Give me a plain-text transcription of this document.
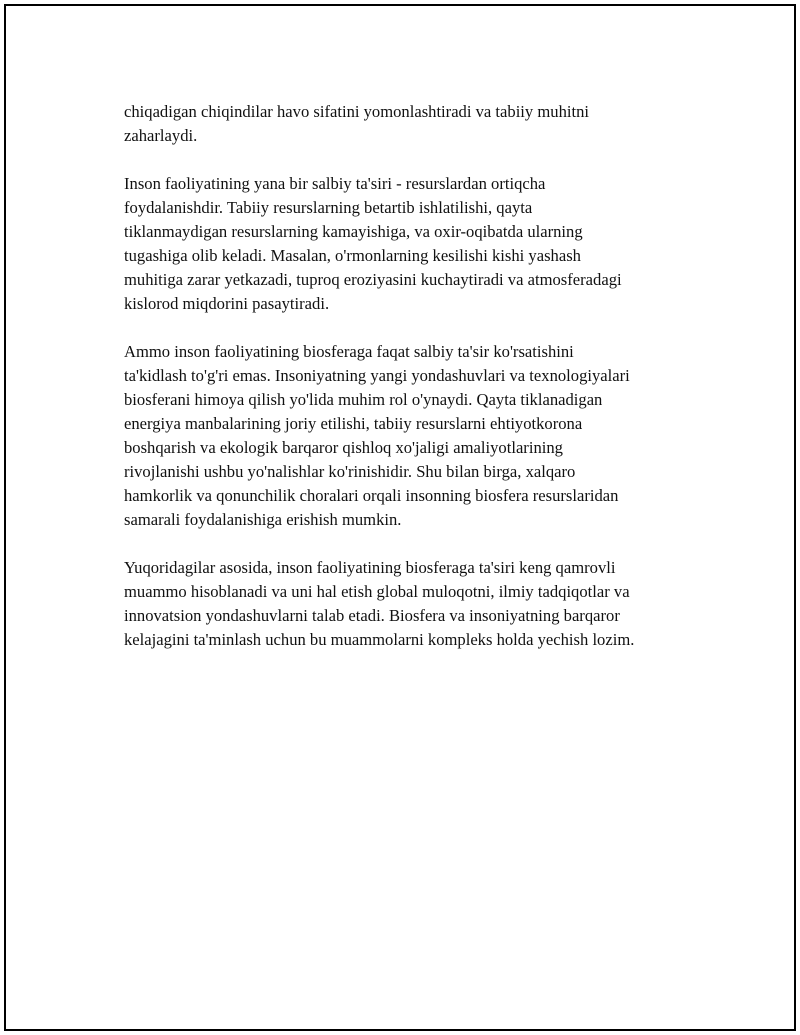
chiqadigan chiqindilar havo sifatini yomonlashtiradi va tabiiy muhitni
zaharlaydi.

Inson faoliyatining yana bir salbiy ta'siri - resurslardan ortiqcha
foydalanishdir. Tabiiy resurslarning betartib ishlatilishi, qayta
tiklanmaydigan resurslarning kamayishiga, va oxir-oqibatda ularning
tugashiga olib keladi. Masalan, o'rmonlarning kesilishi kishi yashash
muhitiga zarar yetkazadi, tuproq eroziyasini kuchaytiradi va atmosferadagi
kislorod miqdorini pasaytiradi.

Ammo inson faoliyatining biosferaga faqat salbiy ta'sir ko'rsatishini
ta'kidlash to'g'ri emas. Insoniyatning yangi yondashuvlari va texnologiyalari
biosferani himoya qilish yo'lida muhim rol o'ynaydi. Qayta tiklanadigan
energiya manbalarining joriy etilishi, tabiiy resurslarni ehtiyotkorona
boshqarish va ekologik barqaror qishloq xo'jaligi amaliyotlarining
rivojlanishi ushbu yo'nalishlar ko'rinishidir. Shu bilan birga, xalqaro
hamkorlik va qonunchilik choralari orqali insonning biosfera resurslaridan
samarali foydalanishiga erishish mumkin.

Yuqoridagilar asosida, inson faoliyatining biosferaga ta'siri keng qamrovli
muammo hisoblanadi va uni hal etish global muloqotni, ilmiy tadqiqotlar va
innovatsion yondashuvlarni talab etadi. Biosfera va insoniyatning barqaror
kelajagini ta'minlash uchun bu muammolarni kompleks holda yechish lozim.
